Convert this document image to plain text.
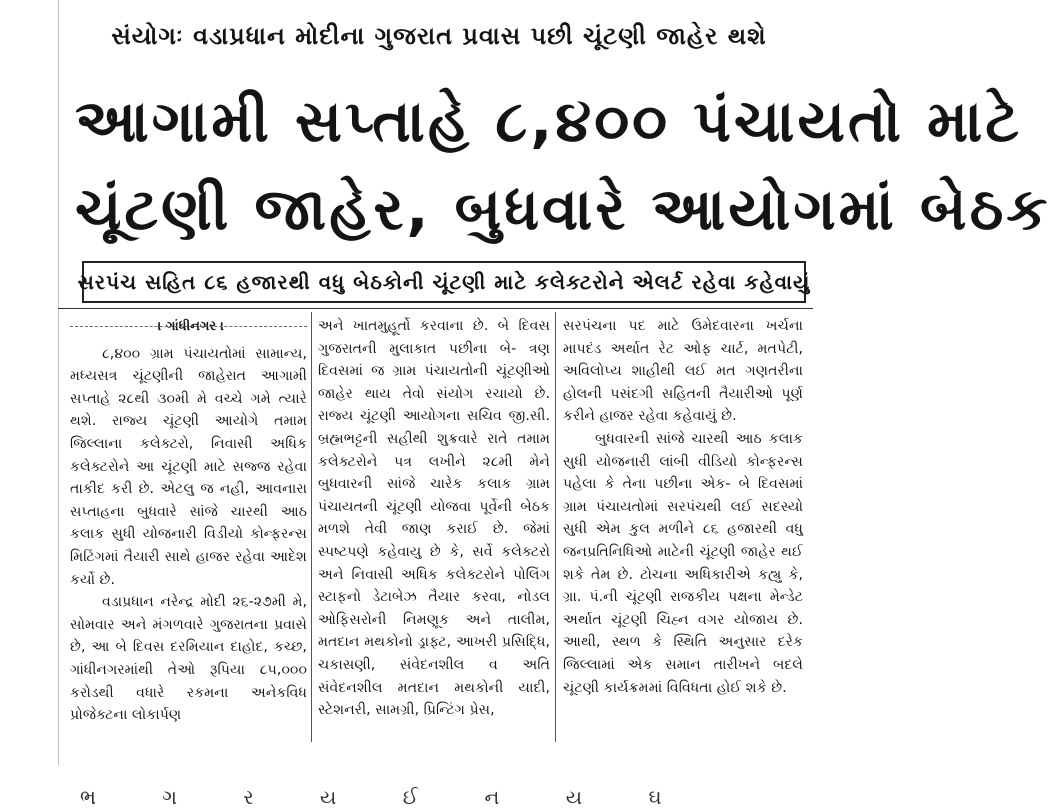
સંયોગઃ વડાપ્રધાન મોદીના ગુજરાત પ્રવાસ પછી ચૂંટણી જાહેર થશે
આગામી સપ્તાહે ૮,૪૦૦ પંચાયતો માટે
ચૂંટણી જાહેર, બુધવારે આયોગમાં બેઠક
સરપંચ સહિત ૮૬ હજારથી વધુ બેઠકોની ચૂંટણી માટે કલેક્ટરોને એલર્ટ રહેવા કહેવાયું
। ગાંધીનગર ।

૮,૪૦૦ ગ્રામ પંચાયતોમાં સામાન્ય, મધ્યસત્ર ચૂંટણીની જાહેરાત આગામી સપ્તાહે ૨૮થી ૩૦મી મે વચ્ચે ગમે ત્યારે થશે. રાજ્ય ચૂંટણી આયોગે તમામ જિલ્લાના કલેક્ટરો, નિવાસી અધિક કલેક્ટરોને આ ચૂંટણી માટે સજ્જ રહેવા તાકીદ કરી છે. એટલુ જ નહી, આવનારા સપ્તાહના બુધવારે સાંજે ચારથી આઠ કલાક સુધી યોજનારી વિડીયો કોન્ફરન્સ મિટિંગમાં તૈયારી સાથે હાજર રહેવા આદેશ કર્યો છે.

વડાપ્રધાન નરેન્દ્ર મોદી ૨૬-૨૭મી મે, સોમવાર અને મંગળવારે ગુજરાતના પ્રવાસે છે, આ બે દિવસ દરમિયાન દાહોદ, કચ્છ, ગાંધીનગરમાંથી તેઓ રૂપિયા ૮૫,૦૦૦ કરોડથી વધારે રકમના અનેકવિધ પ્રોજેક્ટના લોકાર્પણ

અને ખાતમુહૂર્તો કરવાના છે. બે દિવસ ગુજરાતની મુલાકાત પછીના બે- ત્રણ દિવસમાં જ ગ્રામ પંચાયતોની ચૂંટણીઓ જાહેર થાય તેવો સંયોગ રચાયો છે. રાજ્ય ચૂંટણી આયોગના સચિવ જી.સી. બ્રહ્મભટ્ટની સહીથી શુક્રવારે રાતે તમામ કલેક્ટરોને પત્ર લખીને ૨૮મી મેને બુધવારની સાંજે ચારેક કલાક ગ્રામ પંચાયતની ચૂંટણી યોજવા પૂર્વેની બેઠક મળશે તેવી જાણ કરાઈ છે. જેમાં સ્પષ્ટપણે કહેવાયુ છે કે, સર્વે કલેક્ટરો અને નિવાસી અધિક કલેક્ટરોને પોલિંગ સ્ટાફનો ડેટાબેઝ તૈયાર કરવા, નોડલ ઓફિસરોની નિમણૂક અને તાલીમ, મતદાન મથકોનો ડ્રાફ્ટ, આખરી પ્રસિદ્ધિ, ચકાસણી, સંવેદનશીલ વ અતિ સંવેદનશીલ મતદાન મથકોની યાદી, સ્ટેશનરી, સામગ્રી, પ્રિન્ટિંગ પ્રેસ,

સરપંચના પદ માટે ઉમેદવારના ખર્ચના માપદંડ અર્થાત રેટ ઓફ ચાર્ટ, મતપેટી, અવિલોપ્ય શાહીથી લઈ મત ગણતરીના હોલની પસંદગી સહિતની તૈયારીઓ પૂર્ણ કરીને હાજર રહેવા કહેવાયું છે.

બુધવારની સાંજે ચારથી આઠ કલાક સુધી યોજનારી લાંબી વીડિયો કોન્ફરન્સ પહેલા કે તેના પછીના એક- બે દિવસમાં ગ્રામ પંચાયતોમાં સરપંચથી લઈ સદસ્યો સુધી એમ કુલ મળીને ૮૬ હજારથી વધુ જનપ્રતિનિધિઓ માટેની ચૂંટણી જાહેર થઈ શકે તેમ છે. ટોચના અધિકારીએ કહ્યુ કે, ગ્રા. પં.ની ચૂંટણી રાજકીય પક્ષના મેન્ડેટ અર્થાત ચૂંટણી ચિહ્ન વગર યોજાય છે. આથી, સ્થળ કે સ્થિતિ અનુસાર દરેક જિલ્લામાં એક સમાન તારીખને બદલે ચૂંટણી કાર્યક્રમમાં વિવિધતા હોઈ શકે છે.

ભ ગ ર ય ઈ ન ય ઘ
